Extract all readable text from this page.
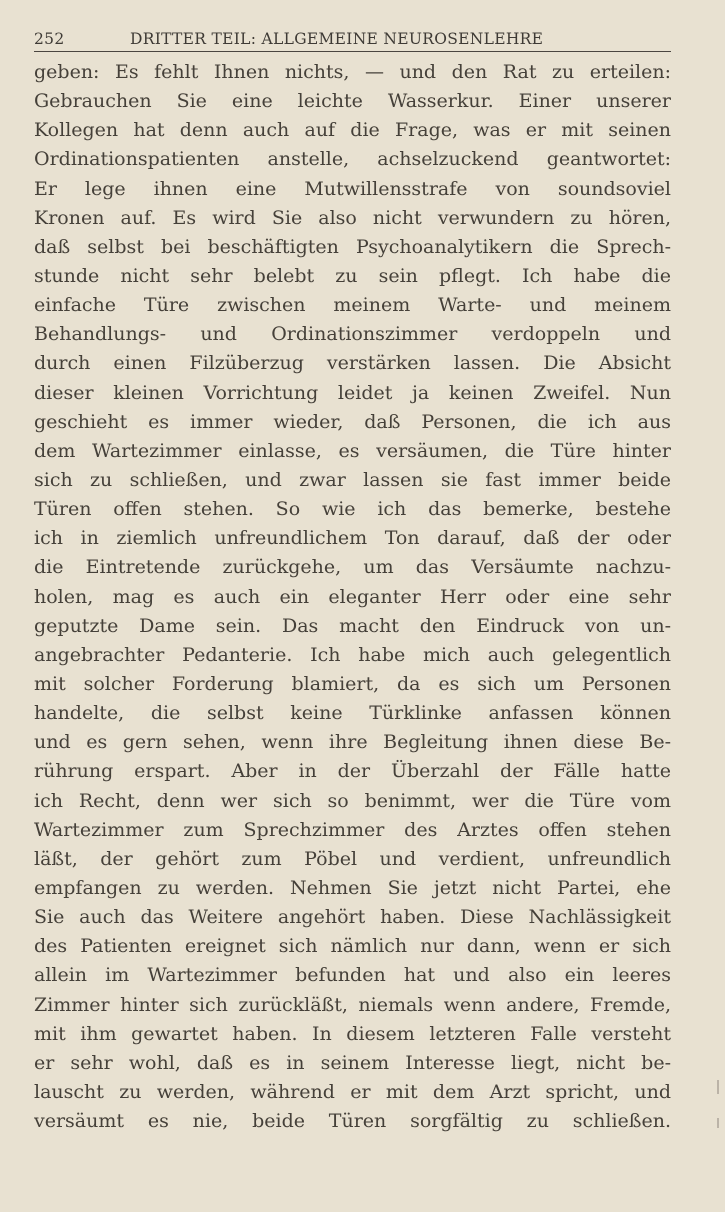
252	DRITTER TEIL: ALLGEMEINE NEUROSENLEHRE
geben: Es fehlt Ihnen nichts, — und den Rat zu erteilen:
Gebrauchen Sie eine leichte Wasserkur. Einer unserer
Kollegen hat denn auch auf die Frage, was er mit seinen
Ordinationspatienten anstelle, achselzuckend geantwortet:
Er lege ihnen eine Mutwillensstrafe von soundsoviel
Kronen auf. Es wird Sie also nicht verwundern zu hören,
daß selbst bei beschäftigten Psychoanalytikern die Sprech-
stunde nicht sehr belebt zu sein pflegt. Ich habe die
einfache Türe zwischen meinem Warte- und meinem
Behandlungs- und Ordinationszimmer verdoppeln und
durch einen Filzüberzug verstärken lassen. Die Absicht
dieser kleinen Vorrichtung leidet ja keinen Zweifel. Nun
geschieht es immer wieder, daß Personen, die ich aus
dem Wartezimmer einlasse, es versäumen, die Türe hinter
sich zu schließen, und zwar lassen sie fast immer beide
Türen offen stehen. So wie ich das bemerke, bestehe
ich in ziemlich unfreundlichem Ton darauf, daß der oder
die Eintretende zurückgehe, um das Versäumte nachzu-
holen, mag es auch ein eleganter Herr oder eine sehr
geputzte Dame sein. Das macht den Eindruck von un-
angebrachter Pedanterie. Ich habe mich auch gelegentlich
mit solcher Forderung blamiert, da es sich um Personen
handelte, die selbst keine Türklinke anfassen können
und es gern sehen, wenn ihre Begleitung ihnen diese Be-
rührung erspart. Aber in der Überzahl der Fälle hatte
ich Recht, denn wer sich so benimmt, wer die Türe vom
Wartezimmer zum Sprechzimmer des Arztes offen stehen
läßt, der gehört zum Pöbel und verdient, unfreundlich
empfangen zu werden. Nehmen Sie jetzt nicht Partei, ehe
Sie auch das Weitere angehört haben. Diese Nachlässigkeit
des Patienten ereignet sich nämlich nur dann, wenn er sich
allein im Wartezimmer befunden hat und also ein leeres
Zimmer hinter sich zurückläßt, niemals wenn andere, Fremde,
mit ihm gewartet haben. In diesem letzteren Falle versteht
er sehr wohl, daß es in seinem Interesse liegt, nicht be-
lauscht zu werden, während er mit dem Arzt spricht, und
versäumt es nie, beide Türen sorgfältig zu schließen.
